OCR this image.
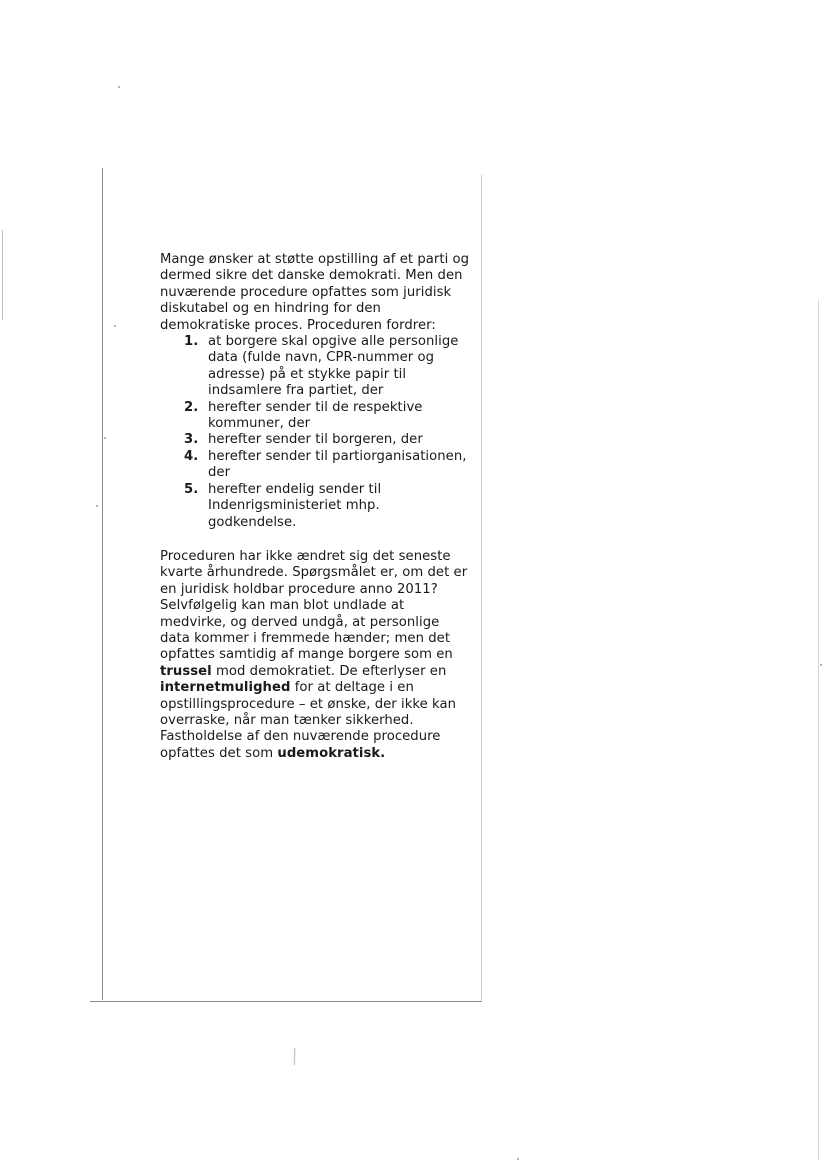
⁄

Mange ønsker at støtte opstilling af et parti og dermed sikre det danske demokrati. Men den nuværende procedure opfattes som juridisk diskutabel og en hindring for den demokratiske proces. Proceduren fordrer:

1. at borgere skal opgive alle personlige data (fulde navn, CPR-nummer og adresse) på et stykke papir til indsamlere fra partiet, der
2. herefter sender til de respektive kommuner, der
3. herefter sender til borgeren, der
4. herefter sender til partiorganisationen, der
5. herefter endelig sender til Indenrigsministeriet mhp. godkendelse.

Proceduren har ikke ændret sig det seneste kvarte århundrede. Spørgsmålet er, om det er en juridisk holdbar procedure anno 2011? Selvfølgelig kan man blot undlade at medvirke, og derved undgå, at personlige data kommer i fremmede hænder; men det opfattes samtidig af mange borgere som en trussel mod demokratiet. De efterlyser en internetmulighed for at deltage i en opstillingsprocedure – et ønske, der ikke kan overraske, når man tænker sikkerhed. Fastholdelse af den nuværende procedure opfattes det som udemokratisk.
